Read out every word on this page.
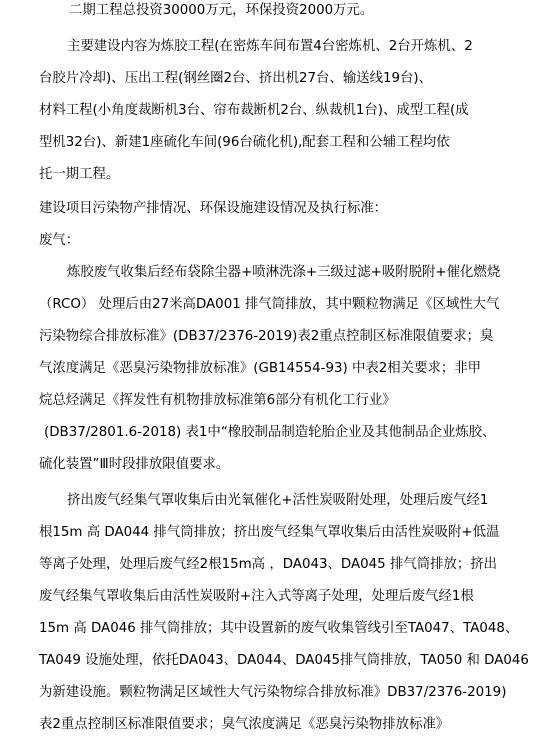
二期工程总投资30000万元，环保投资2000万元。
主要建设内容为炼胶工程(在密炼车间布置4台密炼机、2台开炼机、2
台胶片冷却)、压出工程(钢丝圈2台、挤出机27台、输送线19台)、
材料工程(小角度裁断机3台、帘布裁断机2台、纵裁机1台)、成型工程(成
型机32台)、新建1座硫化车间(96台硫化机),配套工程和公辅工程均依
托一期工程。
建设项目污染物产排情况、环保设施建设情况及执行标准：
废气：
炼胶废气收集后经布袋除尘器+喷淋洗涤+三级过滤+吸附脱附+催化燃烧
（RCO） 处理后由27米高DA001 排气筒排放，其中颗粒物满足《区域性大气
污染物综合排放标准》(DB37/2376-2019)表2重点控制区标准限值要求；臭
气浓度满足《恶臭污染物排放标准》(GB14554-93) 中表2相关要求；非甲
烷总烃满足《挥发性有机物排放标准第6部分有机化工行业》
(DB37/2801.6-2018) 表1中“橡胶制品制造轮胎企业及其他制品企业炼胶、
硫化装置”Ⅲ时段排放限值要求。
挤出废气经集气罩收集后由光氧催化+活性炭吸附处理，处理后废气经1
根15m 高 DA044 排气筒排放；挤出废气经集气罩收集后由活性炭吸附+低温
等离子处理，处理后废气经2根15m高 ，DA043、DA045 排气筒排放；挤出
废气经集气罩收集后由活性炭吸附+注入式等离子处理，处理后废气经1根
15m 高 DA046 排气筒排放；其中设置新的废气收集管线引至TA047、TA048、
TA049 设施处理，依托DA043、DA044、DA045排气筒排放，TA050 和 DA046
为新建设施。颗粒物满足区域性大气污染物综合排放标准》DB37/2376-2019)
表2重点控制区标准限值要求；臭气浓度满足《恶臭污染物排放标准》
